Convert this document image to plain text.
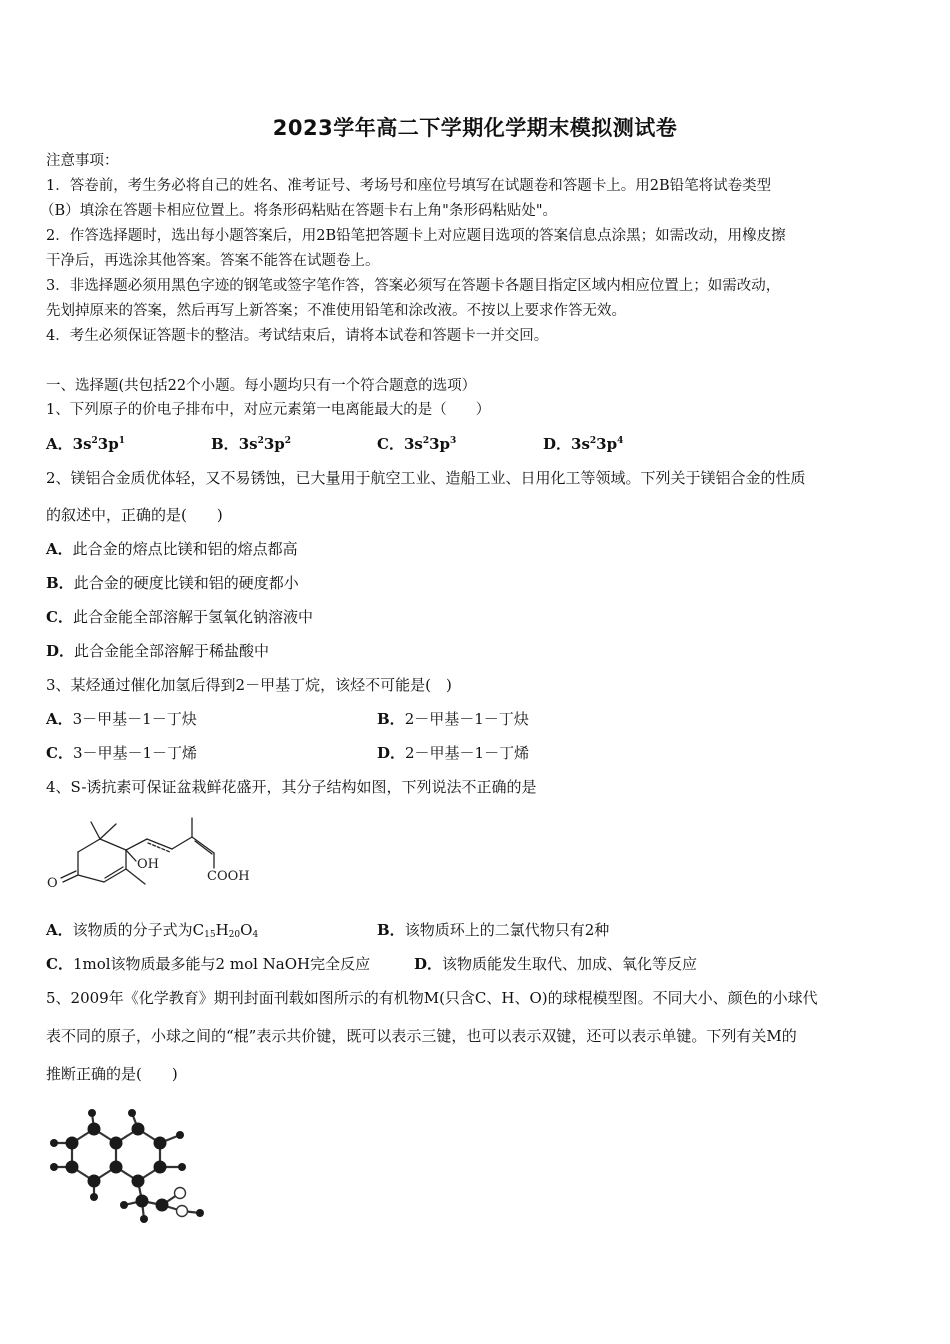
2023学年高二下学期化学期末模拟测试卷
注意事项：
1．答卷前，考生务必将自己的姓名、准考证号、考场号和座位号填写在试题卷和答题卡上。用2B铅笔将试卷类型
（B）填涂在答题卡相应位置上。将条形码粘贴在答题卡右上角"条形码粘贴处"。
2．作答选择题时，选出每小题答案后，用2B铅笔把答题卡上对应题目选项的答案信息点涂黑；如需改动，用橡皮擦
干净后，再选涂其他答案。答案不能答在试题卷上。
3．非选择题必须用黑色字迹的钢笔或签字笔作答，答案必须写在答题卡各题目指定区域内相应位置上；如需改动，
先划掉原来的答案，然后再写上新答案；不准使用铅笔和涂改液。不按以上要求作答无效。
4．考生必须保证答题卡的整洁。考试结束后，请将本试卷和答题卡一并交回。
一、选择题(共包括22个小题。每小题均只有一个符合题意的选项）
1、下列原子的价电子排布中，对应元素第一电离能最大的是（　　）
A．$3s^23p^1$	B．$3s^23p^2$	C．$3s^23p^3$	D．$3s^23p^4$
2、镁铝合金质优体轻，又不易锈蚀，已大量用于航空工业、造船工业、日用化工等领域。下列关于镁铝合金的性质
的叙述中，正确的是(　　)
A．此合金的熔点比镁和铝的熔点都高
B．此合金的硬度比镁和铝的硬度都小
C．此合金能全部溶解于氢氧化钠溶液中
D．此合金能全部溶解于稀盐酸中
3、某烃通过催化加氢后得到2－甲基丁烷，该烃不可能是(　)
A．3－甲基－1－丁炔	B．2－甲基－1－丁炔
C．3－甲基－1－丁烯	D．2－甲基－1－丁烯
4、S-诱抗素可保证盆栽鲜花盛开，其分子结构如图，下列说法不正确的是
OH
O	COOH
A．该物质的分子式为$C_{15}H_{20}O_4$	B．该物质环上的二氯代物只有2种
C．1mol该物质最多能与2 mol NaOH完全反应	D．该物质能发生取代、加成、氧化等反应
5、2009年《化学教育》期刊封面刊载如图所示的有机物M(只含C、H、O)的球棍模型图。不同大小、颜色的小球代
表不同的原子，小球之间的“棍”表示共价键，既可以表示三键，也可以表示双键，还可以表示单键。下列有关M的
推断正确的是(　　)
